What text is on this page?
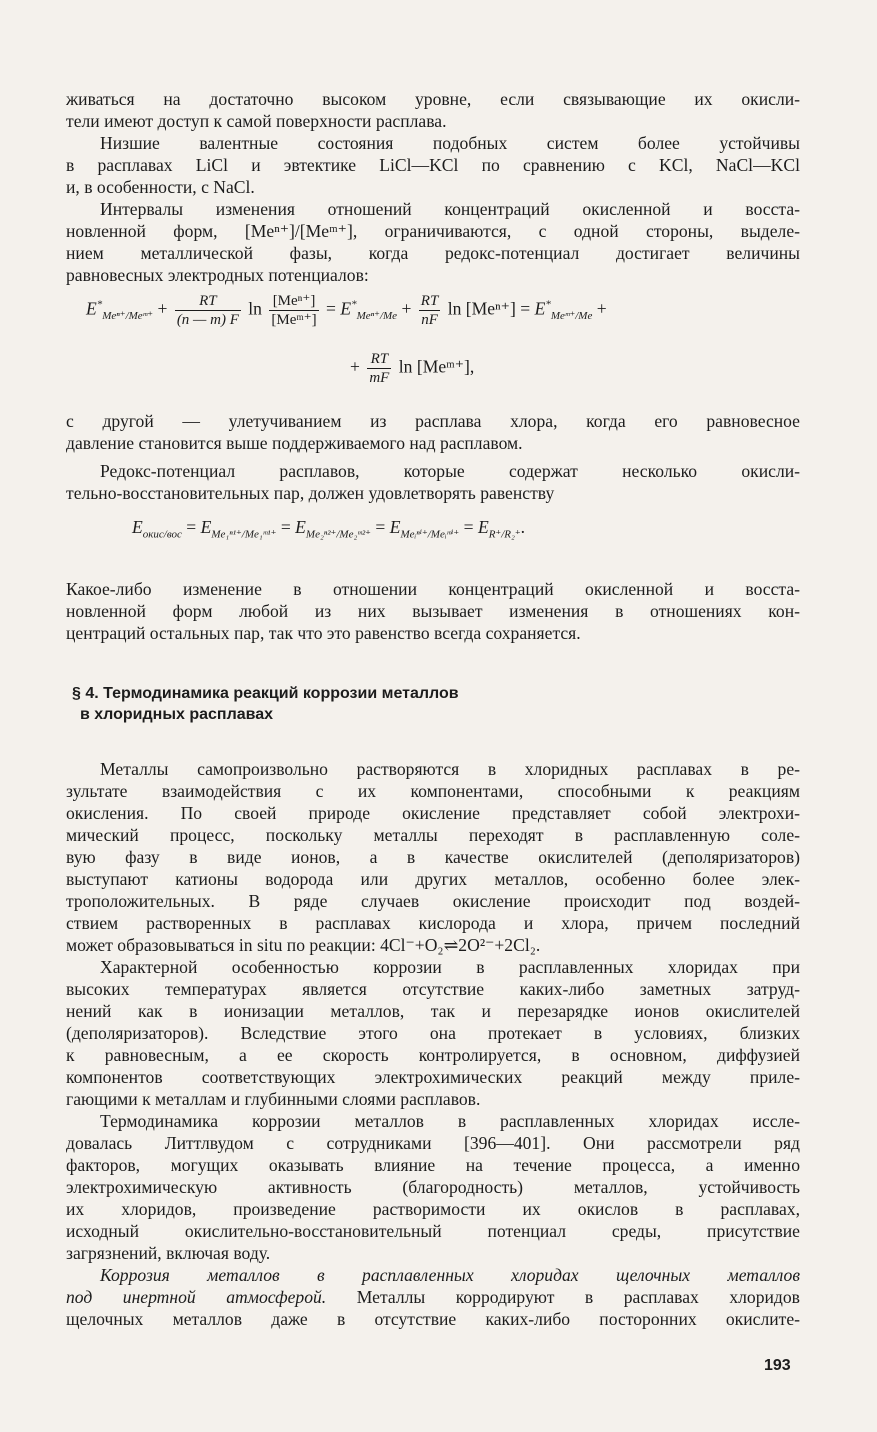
живаться на достаточно высоком уровне, если связывающие их окисли-
тели имеют доступ к самой поверхности расплава.
Низшие валентные состояния подобных систем более устойчивы
в расплавах LiCl и эвтектике LiCl—KCl по сравнению с KCl, NaCl—KCl
и, в особенности, с NaCl.
Интервалы изменения отношений концентраций окисленной и восста-
новленной форм, [Meⁿ⁺]/[Meᵐ⁺], ограничиваются, с одной стороны, выделе-
нием металлической фазы, когда редокс-потенциал достигает величины
равновесных электродных потенциалов:
$E^*_{Me^{n+}/Meᵐ^+} + \frac{RT}{(n — m) F}$ $\ln \frac{\text{[Meⁿ⁺]}}{\text{[Meᵐ⁺]}} = E^*_{Me^{n+}/Me} + \frac{RT}{nF}$ $\ln [Me^{n+}] = E^*_{Meᵐ^+/Me}$ +
+ $\frac{RT}{mF}$ ln [Meᵐ⁺],
с другой — улетучиванием из расплава хлора, когда его равновесное
давление становится выше поддерживаемого над расплавом.
Редокс-потенциал расплавов, которые содержат несколько окисли-
тельно-восстановительных пар, должен удовлетворять равенству
$E_{окис/вос} = E_{Me_1^{n1+}/Me_1ᵐ^{1+}} = E_{Me_2^{n2+}/Me_2ᵐ^{2+}} = E_{Meᵢ^{ni+}/Meᵢᵐ^{i+}} = E_{R^+/R_2^+}$.
Какое-либо изменение в отношении концентраций окисленной и восста-
новленной форм любой из них вызывает изменения в отношениях кон-
центраций остальных пар, так что это равенство всегда сохраняется.
§ 4. Термодинамика реакций коррозии металлов
в хлоридных расплавах
Металлы самопроизвольно растворяются в хлоридных расплавах в ре-
зультате взаимодействия с их компонентами, способными к реакциям
окисления. По своей природе окисление представляет собой электрохи-
мический процесс, поскольку металлы переходят в расплавленную соле-
вую фазу в виде ионов, а в качестве окислителей (деполяризаторов)
выступают катионы водорода или других металлов, особенно более элек-
троположительных. В ряде случаев окисление происходит под воздей-
ствием растворенных в расплавах кислорода и хлора, причем последний
может образовываться in situ по реакции: 4Cl⁻+O₂⇌2O²⁻+2Cl₂.
Характерной особенностью коррозии в расплавленных хлоридах при
высоких температурах является отсутствие каких-либо заметных затруд-
нений как в ионизации металлов, так и перезарядке ионов окислителей
(деполяризаторов). Вследствие этого она протекает в условиях, близких
к равновесным, а ее скорость контролируется, в основном, диффузией
компонентов соответствующих электрохимических реакций между приле-
гающими к металлам и глубинными слоями расплавов.
Термодинамика коррозии металлов в расплавленных хлоридах иссле-
довалась Литтлвудом с сотрудниками [396—401]. Они рассмотрели ряд
факторов, могущих оказывать влияние на течение процесса, а именно
электрохимическую активность (благородность) металлов, устойчивость
их хлоридов, произведение растворимости их окислов в расплавах,
исходный окислительно-восстановительный потенциал среды, присутствие
загрязнений, включая воду.
Коррозия металлов в расплавленных хлоридах щелочных металлов
под инертной атмосферой. Металлы корродируют в расплавах хлоридов
щелочных металлов даже в отсутствие каких-либо посторонних окислите-
193
